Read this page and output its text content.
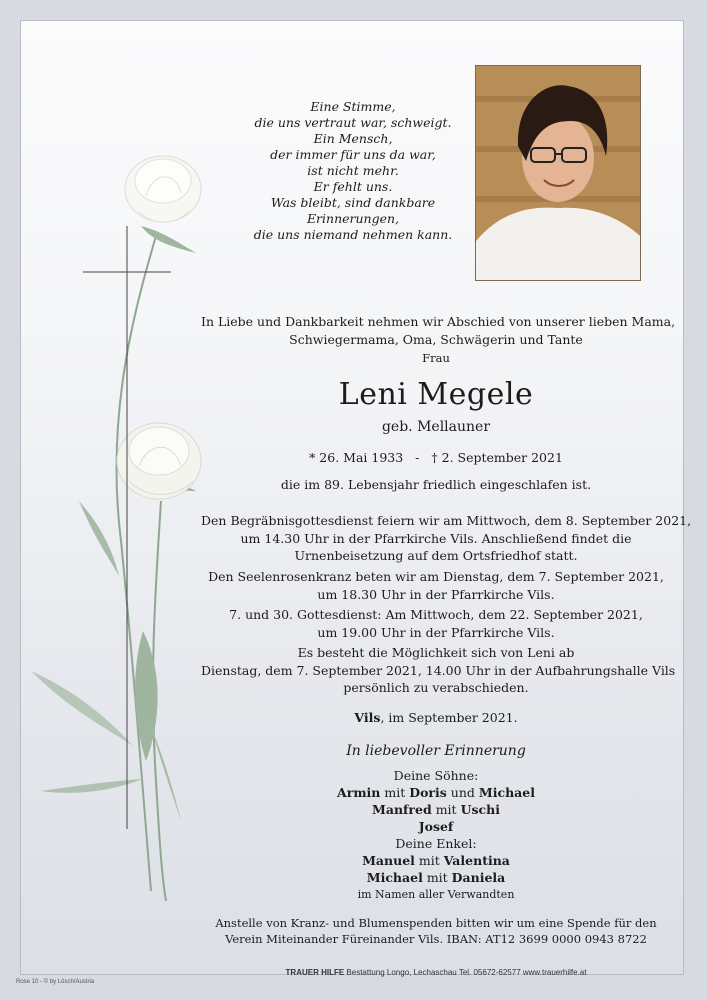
Eine Stimme,
die uns vertraut war, schweigt.
Ein Mensch,
der immer für uns da war,
ist nicht mehr.
Er fehlt uns.
Was bleibt, sind dankbare
Erinnerungen,
die uns niemand nehmen kann.
In Liebe und Dankbarkeit nehmen wir Abschied von unserer lieben Mama,
Schwiegermama, Oma, Schwägerin und Tante
Frau
Leni Megele
geb. Mellauner
* 26. Mai 1933 - † 2. September 2021
die im 89. Lebensjahr friedlich eingeschlafen ist.
Den Begräbnisgottesdienst feiern wir am Mittwoch, dem 8. September 2021,
um 14.30 Uhr in der Pfarrkirche Vils. Anschließend findet die
Urnenbeisetzung auf dem Ortsfriedhof statt.
Den Seelenrosenkranz beten wir am Dienstag, dem 7. September 2021,
um 18.30 Uhr in der Pfarrkirche Vils.
7. und 30. Gottesdienst: Am Mittwoch, dem 22. September 2021,
um 19.00 Uhr in der Pfarrkirche Vils.
Es besteht die Möglichkeit sich von Leni ab
Dienstag, dem 7. September 2021, 14.00 Uhr in der Aufbahrungshalle Vils
persönlich zu verabschieden.
Vils, im September 2021.
In liebevoller Erinnerung
Deine Söhne:
Armin mit Doris und Michael
Manfred mit Uschi
Josef
Deine Enkel:
Manuel mit Valentina
Michael mit Daniela
im Namen aller Verwandten
Anstelle von Kranz- und Blumenspenden bitten wir um eine Spende für den
Verein Miteinander Füreinander Vils. IBAN: AT12 3699 0000 0943 8722
TRAUER HILFE Bestattung Longo, Lechaschau Tel. 05672-62577 www.trauerhilfe.at
Rose 10 - © by Lösch/Austria
